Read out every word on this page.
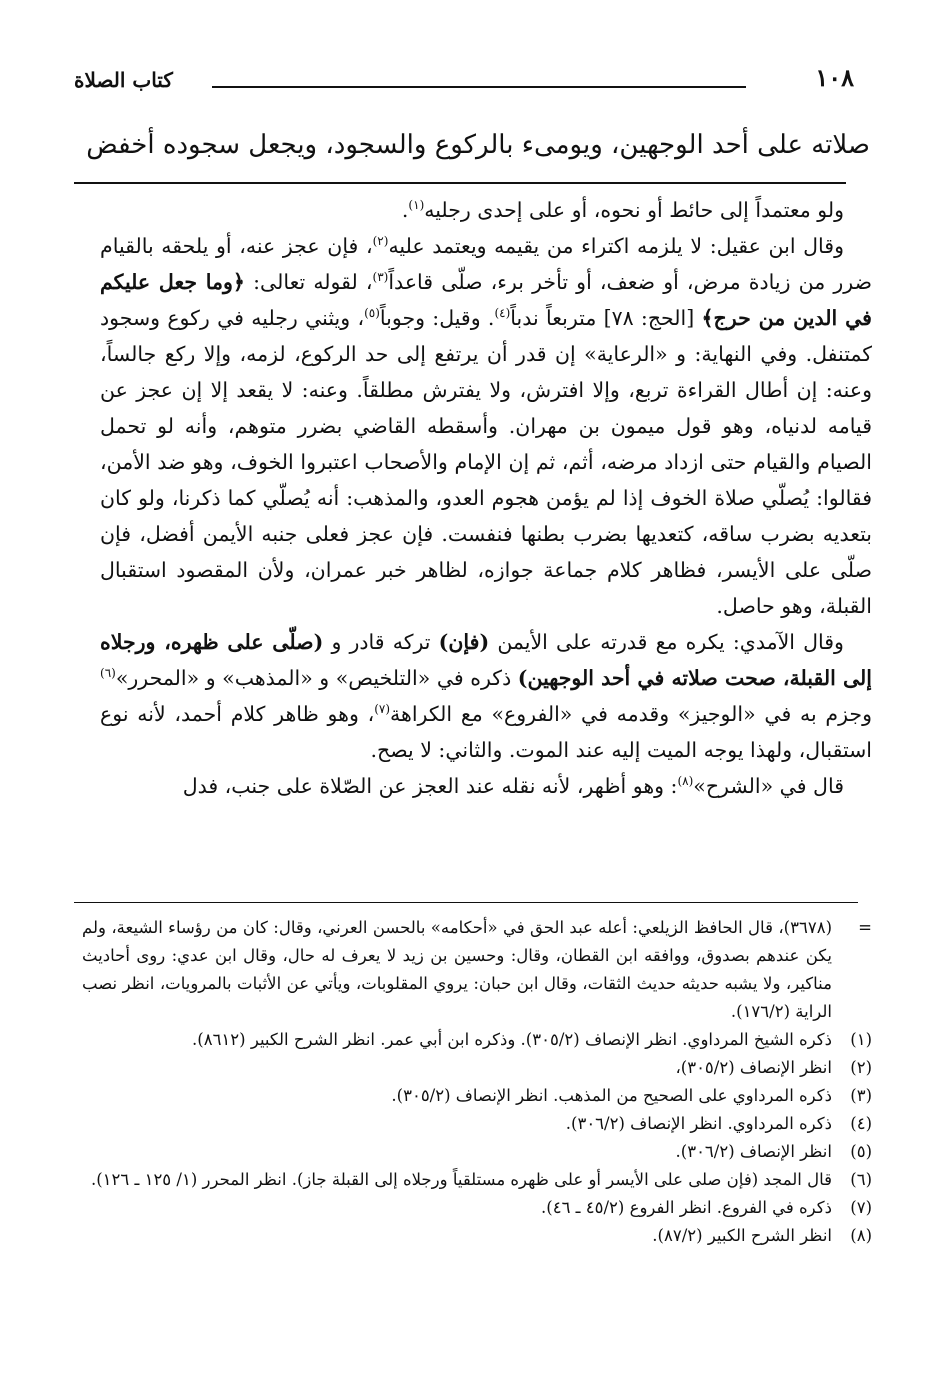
١٠٨
كتاب الصلاة
صلاته على أحد الوجهين، ويومىء بالركوع والسجود، ويجعل سجوده أخفض

ولو معتمداً إلى حائط أو نحوه، أو على إحدى رجليه$^{(١)}$.

وقال ابن عقيل: لا يلزمه اكتراء من يقيمه ويعتمد عليه$^{(٢)}$، فإن عجز عنه، أو يلحقه بالقيام ضرر من زيادة مرض، أو ضعف، أو تأخر برء، صلّى قاعداً$^{(٣)}$، لقوله تعالى: ﴿وما جعل عليكم في الدين من حرج﴾ [الحج: ٧٨] متربعاً ندباً$^{(٤)}$. وقيل: وجوباً$^{(٥)}$، ويثني رجليه في ركوع وسجود كمتنفل. وفي النهاية: و «الرعاية» إن قدر أن يرتفع إلى حد الركوع، لزمه، وإلا ركع جالساً، وعنه: إن أطال القراءة تربع، وإلا افترش، ولا يفترش مطلقاً. وعنه: لا يقعد إلا إن عجز عن قيامه لدنياه، وهو قول ميمون بن مهران. وأسقطه القاضي بضرر متوهم، وأنه لو تحمل الصيام والقيام حتى ازداد مرضه، أثم، ثم إن الإمام والأصحاب اعتبروا الخوف، وهو ضد الأمن، فقالوا: يُصلّي صلاة الخوف إذا لم يؤمن هجوم العدو، والمذهب: أنه يُصلّي كما ذكرنا، ولو كان بتعديه بضرب ساقه، كتعديها بضرب بطنها فنفست. فإن عجز فعلى جنبه الأيمن أفضل، فإن صلّى على الأيسر، فظاهر كلام جماعة جوازه، لظاهر خبر عمران، ولأن المقصود استقبال القبلة، وهو حاصل.

وقال الآمدي: يكره مع قدرته على الأيمن (فإن) تركه قادر و (صلّى على ظهره، ورجلاه إلى القبلة، صحت صلاته في أحد الوجهين) ذكره في «التلخيص» و «المذهب» و «المحرر»$^{(٦)}$ وجزم به في «الوجيز» وقدمه في «الفروع» مع الكراهة$^{(٧)}$، وهو ظاهر كلام أحمد، لأنه نوع استقبال، ولهذا يوجه الميت إليه عند الموت. والثاني: لا يصح.

قال في «الشرح»$^{(٨)}$: وهو أظهر، لأنه نقله عند العجز عن الصّلاة على جنب، فدل

=
(٣٦٧٨)، قال الحافظ الزيلعي: أعله عبد الحق في «أحكامه» بالحسن العرني، وقال: كان من رؤساء الشيعة، ولم يكن عندهم بصدوق، ووافقه ابن القطان، وقال: وحسين بن زيد لا يعرف له حال، وقال ابن عدي: روى أحاديث مناكير، ولا يشبه حديثه حديث الثقات، وقال ابن حبان: يروي المقلوبات، ويأتي عن الأثبات بالمرويات، انظر نصب الراية (١٧٦/٢).
(١)
ذكره الشيخ المرداوي. انظر الإنصاف (٣٠٥/٢). وذكره ابن أبي عمر. انظر الشرح الكبير (٨٦١٢).
(٢)
انظر الإنصاف (٣٠٥/٢)،
(٣)
ذكره المرداوي على الصحيح من المذهب. انظر الإنصاف (٣٠٥/٢).
(٤)
ذكره المرداوي. انظر الإنصاف (٣٠٦/٢).
(٥)
انظر الإنصاف (٣٠٦/٢).
(٦)
قال المجد (فإن صلى على الأيسر أو على ظهره مستلقياً ورجلاه إلى القبلة جاز). انظر المحرر (١/ ١٢٥ ـ ١٢٦).
(٧)
ذكره في الفروع. انظر الفروع (٤٥/٢ ـ ٤٦).
(٨)
انظر الشرح الكبير (٨٧/٢).
